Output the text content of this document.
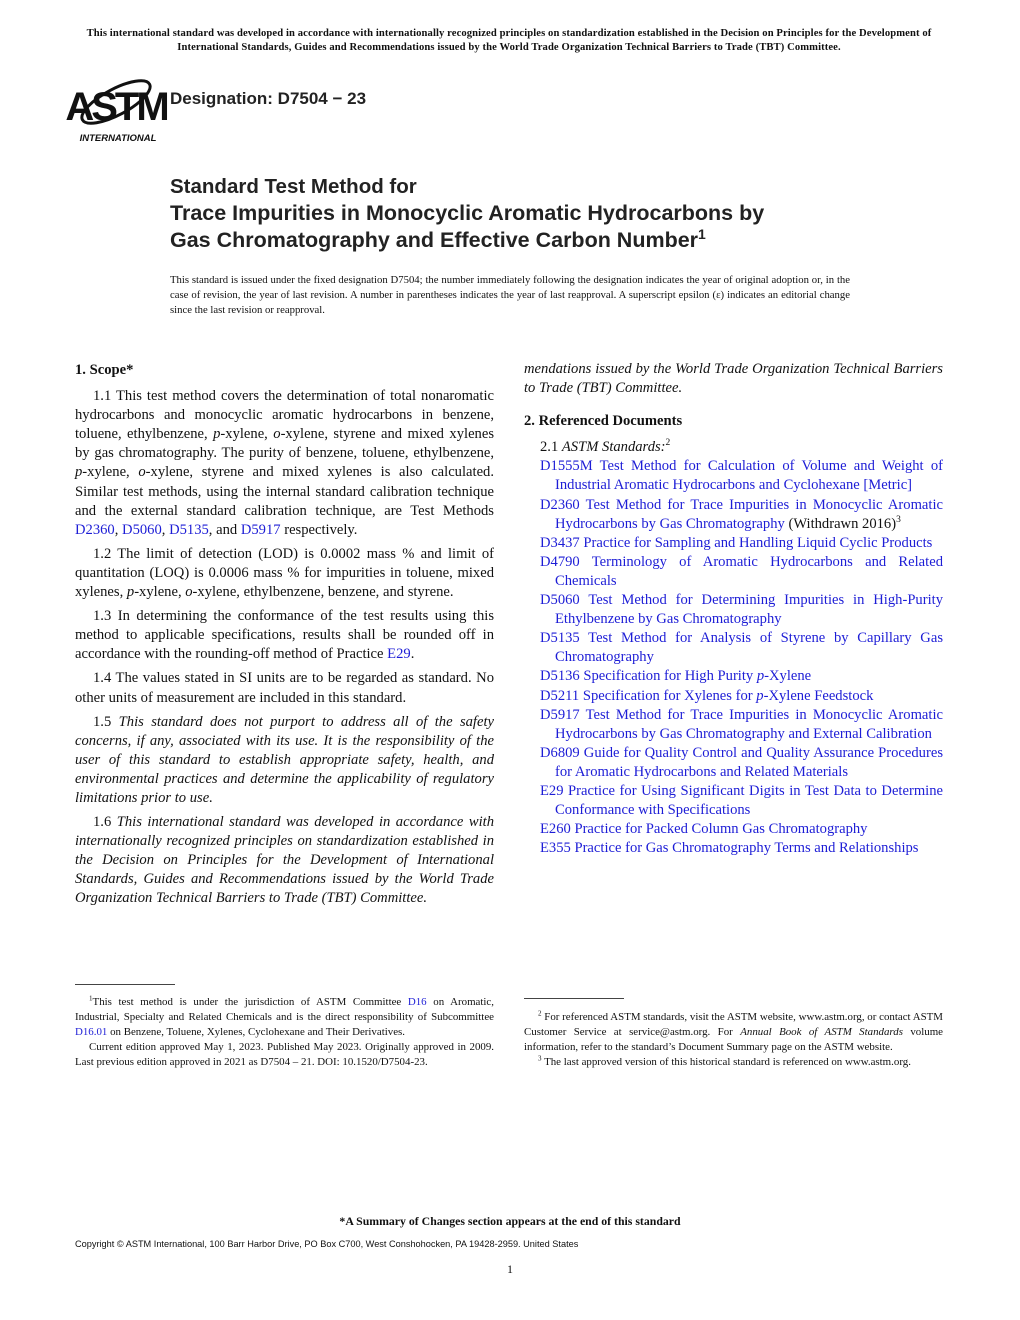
This international standard was developed in accordance with internationally recognized principles on standardization established in the Decision on Principles for the Development of International Standards, Guides and Recommendations issued by the World Trade Organization Technical Barriers to Trade (TBT) Committee.
ASTM
INTERNATIONAL
Designation: D7504 − 23
Standard Test Method for
Trace Impurities in Monocyclic Aromatic Hydrocarbons by
Gas Chromatography and Effective Carbon Number$^1$
This standard is issued under the fixed designation D7504; the number immediately following the designation indicates the year of original adoption or, in the case of revision, the year of last revision. A number in parentheses indicates the year of last reapproval. A superscript epsilon (ε) indicates an editorial change since the last revision or reapproval.
1. Scope*

1.1 This test method covers the determination of total nonaromatic hydrocarbons and monocyclic aromatic hydrocarbons in benzene, toluene, ethylbenzene, p-xylene, o-xylene, styrene and mixed xylenes by gas chromatography. The purity of benzene, toluene, ethylbenzene, p-xylene, o-xylene, styrene and mixed xylenes is also calculated. Similar test methods, using the internal standard calibration technique and the external standard calibration technique, are Test Methods D2360, D5060, D5135, and D5917 respectively.

1.2 The limit of detection (LOD) is 0.0002 mass % and limit of quantitation (LOQ) is 0.0006 mass % for impurities in toluene, mixed xylenes, p-xylene, o-xylene, ethylbenzene, benzene, and styrene.

1.3 In determining the conformance of the test results using this method to applicable specifications, results shall be rounded off in accordance with the rounding-off method of Practice E29.

1.4 The values stated in SI units are to be regarded as standard. No other units of measurement are included in this standard.

1.5 This standard does not purport to address all of the safety concerns, if any, associated with its use. It is the responsibility of the user of this standard to establish appropriate safety, health, and environmental practices and determine the applicability of regulatory limitations prior to use.

1.6 This international standard was developed in accordance with internationally recognized principles on standardization established in the Decision on Principles for the Development of International Standards, Guides and Recommendations issued by the World Trade Organization Technical Barriers to Trade (TBT) Committee.

mendations issued by the World Trade Organization Technical Barriers to Trade (TBT) Committee.
2. Referenced Documents
2.1 ASTM Standards:$^2$
D1555M Test Method for Calculation of Volume and Weight of Industrial Aromatic Hydrocarbons and Cyclohexane [Metric]
D2360 Test Method for Trace Impurities in Monocyclic Aromatic Hydrocarbons by Gas Chromatography (Withdrawn 2016)$^3$
D3437 Practice for Sampling and Handling Liquid Cyclic Products
D4790 Terminology of Aromatic Hydrocarbons and Related Chemicals
D5060 Test Method for Determining Impurities in High-Purity Ethylbenzene by Gas Chromatography
D5135 Test Method for Analysis of Styrene by Capillary Gas Chromatography
D5136 Specification for High Purity p-Xylene
D5211 Specification for Xylenes for p-Xylene Feedstock
D5917 Test Method for Trace Impurities in Monocyclic Aromatic Hydrocarbons by Gas Chromatography and External Calibration
D6809 Guide for Quality Control and Quality Assurance Procedures for Aromatic Hydrocarbons and Related Materials
E29 Practice for Using Significant Digits in Test Data to Determine Conformance with Specifications
E260 Practice for Packed Column Gas Chromatography
E355 Practice for Gas Chromatography Terms and Relationships

$^1$This test method is under the jurisdiction of ASTM Committee D16 on Aromatic, Industrial, Specialty and Related Chemicals and is the direct responsibility of Subcommittee D16.01 on Benzene, Toluene, Xylenes, Cyclohexane and Their Derivatives.

Current edition approved May 1, 2023. Published May 2023. Originally approved in 2009. Last previous edition approved in 2021 as D7504 – 21. DOI: 10.1520/D7504-23.

$^2$ For referenced ASTM standards, visit the ASTM website, www.astm.org, or contact ASTM Customer Service at service@astm.org. For Annual Book of ASTM Standards volume information, refer to the standard’s Document Summary page on the ASTM website.

$^3$ The last approved version of this historical standard is referenced on www.astm.org.

*A Summary of Changes section appears at the end of this standard
Copyright © ASTM International, 100 Barr Harbor Drive, PO Box C700, West Conshohocken, PA 19428-2959. United States
1
